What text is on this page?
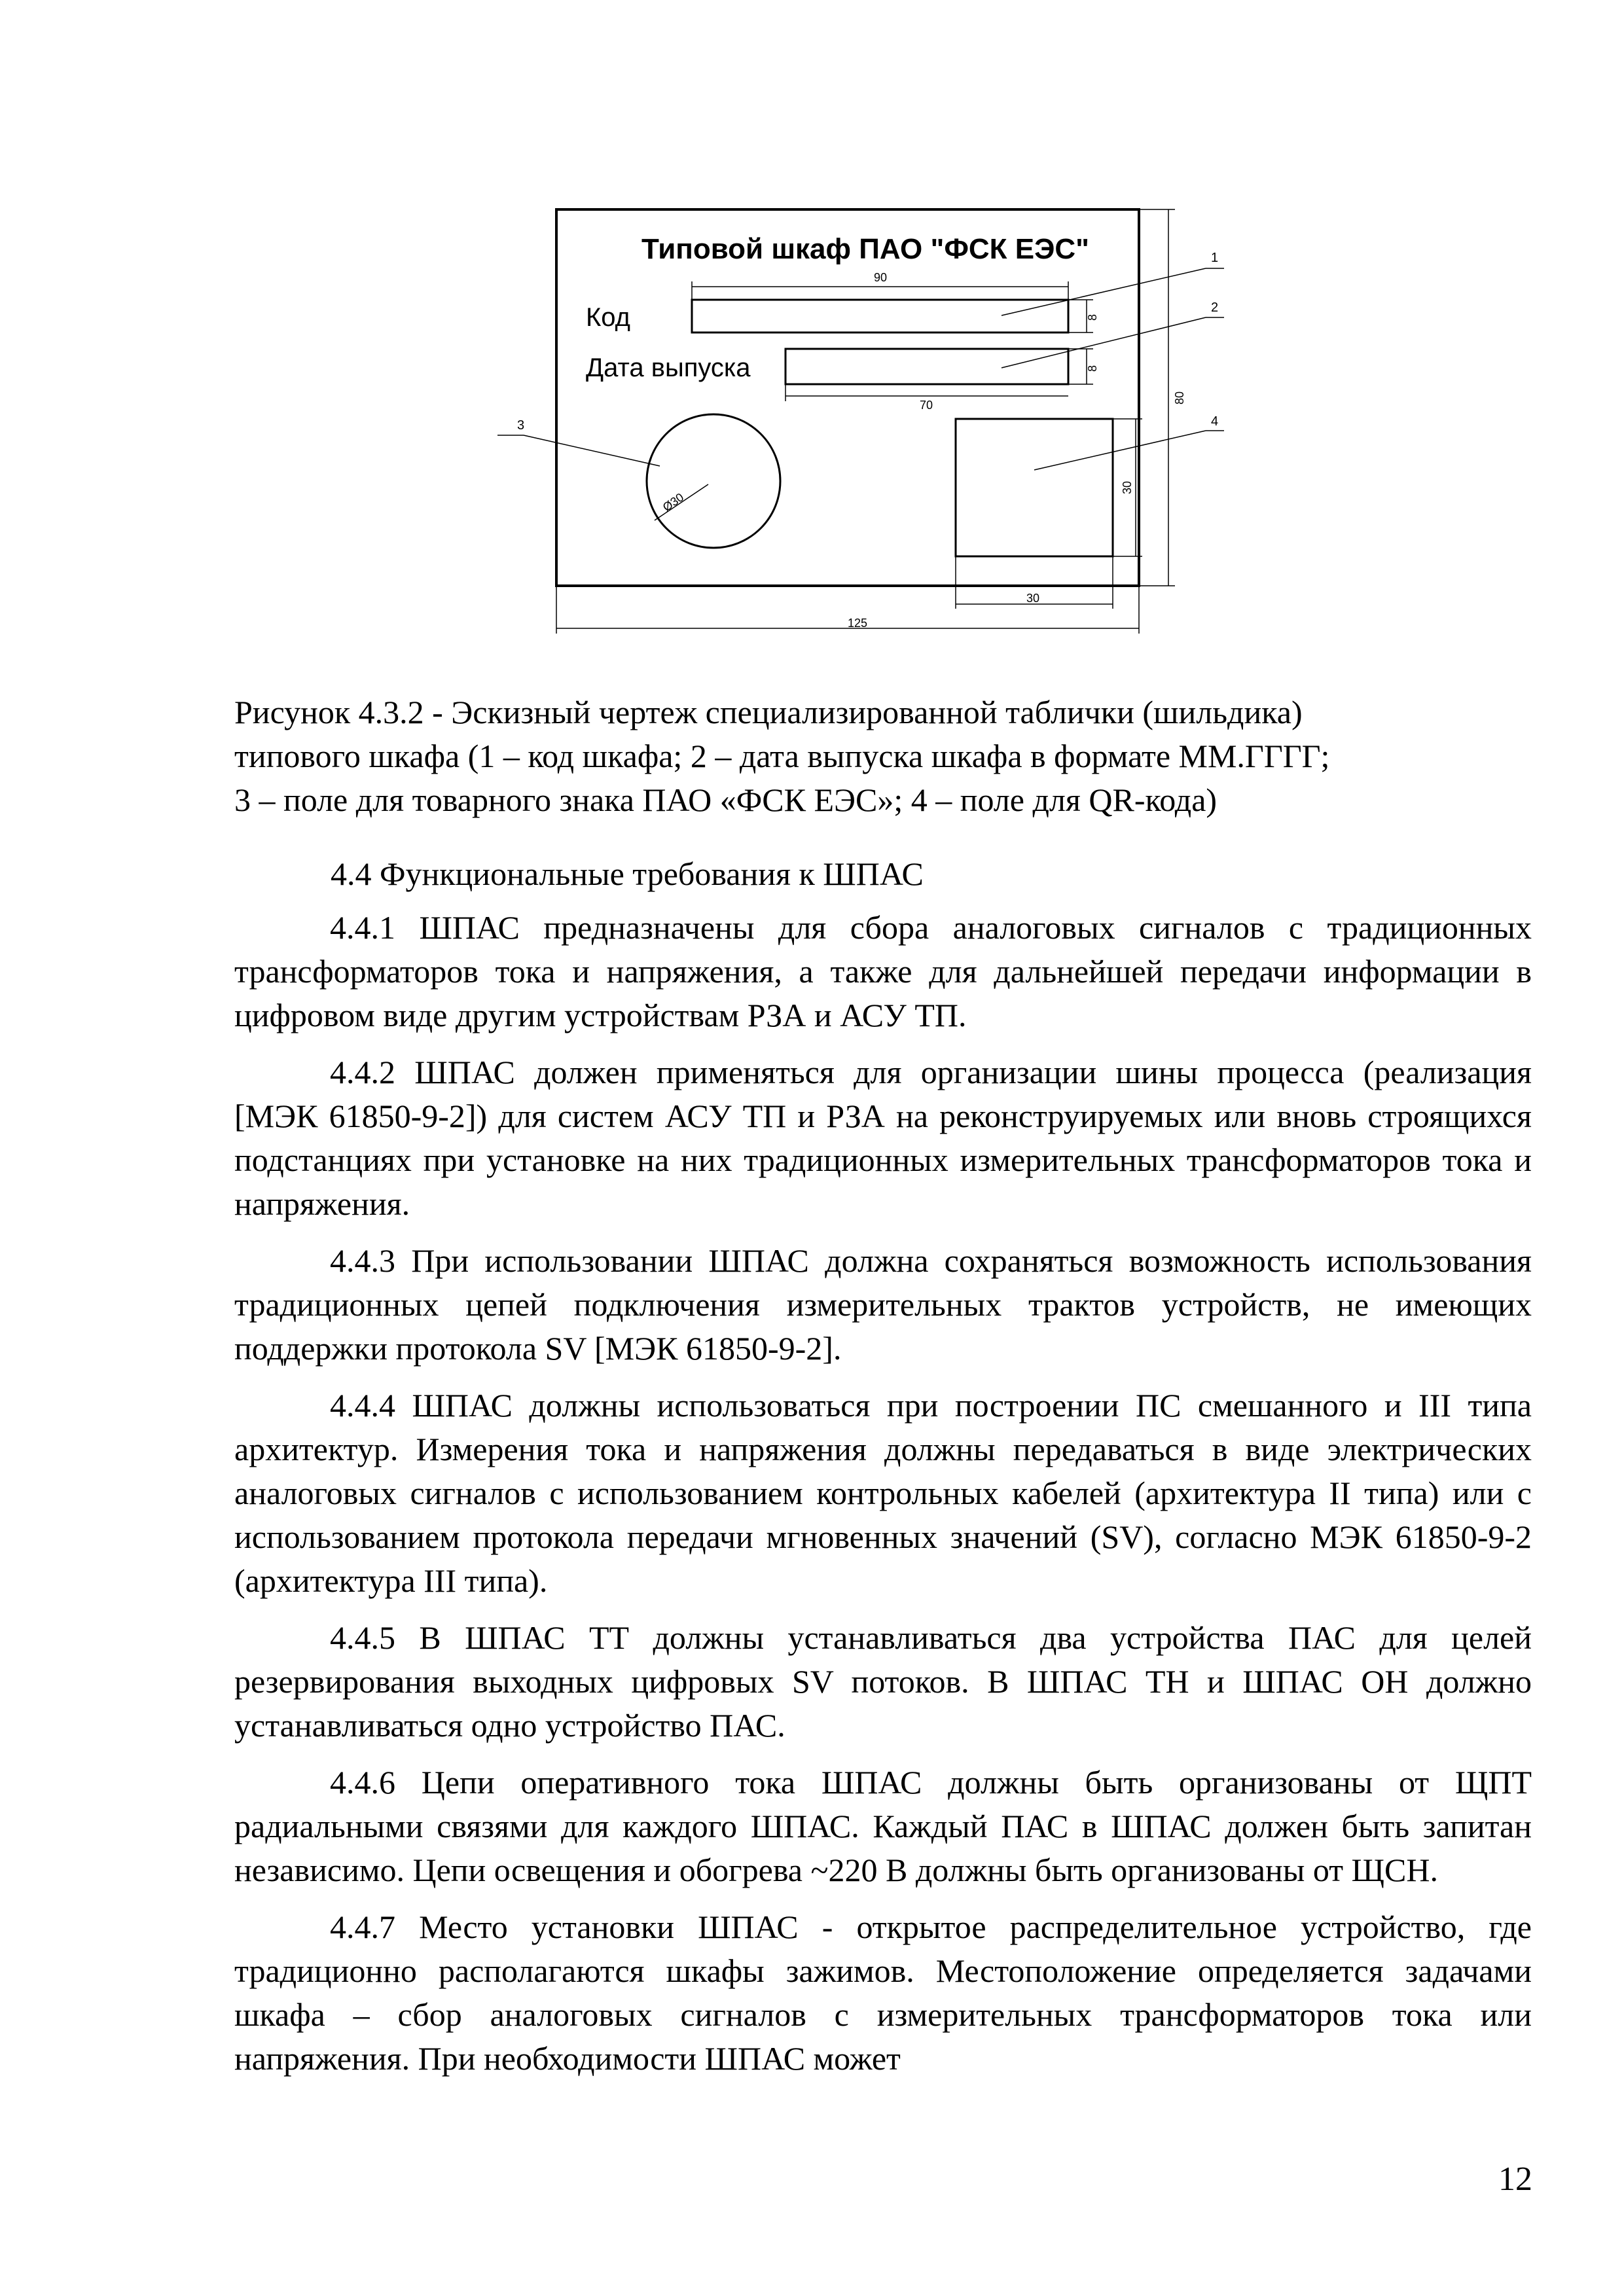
Типовой шкаф ПАО "ФСК ЕЭС"
Код
Дата выпуска
90
70
125
30
8
8
80
30
Ø30
1
2
3	4
Рисунок 4.3.2 - Эскизный чертеж специализированной таблички (шильдика)
типового шкафа (1 – код шкафа; 2 – дата выпуска шкафа в формате ММ.ГГГГ;
3 – поле для товарного знака ПАО «ФСК ЕЭС»; 4 – поле для QR-кода)

4.4 Функциональные требования к ШПАС

4.4.1 ШПАС предназначены для сбора аналоговых сигналов с традиционных трансформаторов тока и напряжения, а также для дальнейшей передачи информации в цифровом виде другим устройствам РЗА и АСУ ТП.

4.4.2 ШПАС должен применяться для организации шины процесса (реализация [МЭК 61850-9-2]) для систем АСУ ТП и РЗА на реконструируемых или вновь строящихся подстанциях при установке на них традиционных измерительных трансформаторов тока и напряжения.

4.4.3 При использовании ШПАС должна сохраняться возможность использования традиционных цепей подключения измерительных трактов устройств, не имеющих поддержки протокола SV [МЭК 61850-9-2].

4.4.4 ШПАС должны использоваться при построении ПС смешанного и III типа архитектур. Измерения тока и напряжения должны передаваться в виде электрических аналоговых сигналов с использованием контрольных кабелей (архитектура II типа) или с использованием протокола передачи мгновенных значений (SV), согласно МЭК 61850-9-2 (архитектура III типа).

4.4.5 В ШПАС ТТ должны устанавливаться два устройства ПАС для целей резервирования выходных цифровых SV потоков. В ШПАС ТН и ШПАС ОН должно устанавливаться одно устройство ПАС.

4.4.6 Цепи оперативного тока ШПАС должны быть организованы от ЩПТ радиальными связями для каждого ШПАС. Каждый ПАС в ШПАС должен быть запитан независимо. Цепи освещения и обогрева ~220 В должны быть организованы от ЩСН.

4.4.7 Место установки ШПАС - открытое распределительное устройство, где традиционно располагаются шкафы зажимов. Местоположение определяется задачами шкафа – сбор аналоговых сигналов с измерительных трансформаторов тока или напряжения. При необходимости ШПАС может

12
